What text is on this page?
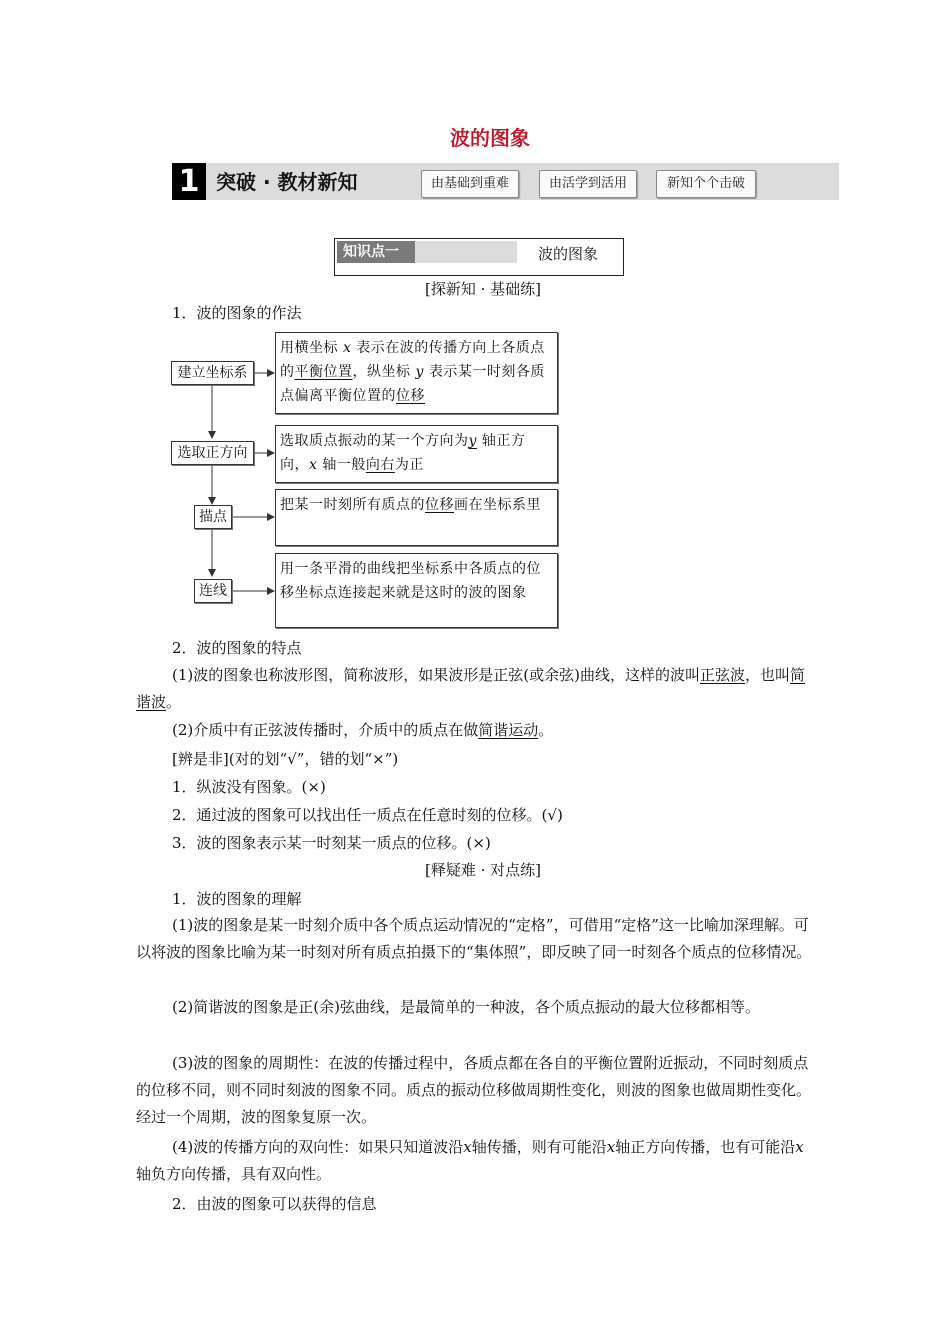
波的图象
1 突破 · 教材新知	由基础到重难	由活学到活用	新知个个击破
知识点一	波的图象
[探新知 · 基础练]
1．波的图象的作法
建立坐标系
选取正方向
描点
连线
用横坐标 x 表示在波的传播方向上各质点的平衡位置，纵坐标 y 表示某一时刻各质点偏离平衡位置的位移
选取质点振动的某一个方向为y 轴正方向，x 轴一般向右为正
把某一时刻所有质点的位移画在坐标系里
用一条平滑的曲线把坐标系中各质点的位移坐标点连接起来就是这时的波的图象
2．波的图象的特点
(1)波的图象也称波形图，简称波形，如果波形是正弦(或余弦)曲线，这样的波叫正弦波，也叫简谐波。
(2)介质中有正弦波传播时，介质中的质点在做简谐运动。
[辨是非](对的划“√”，错的划“×”)
1．纵波没有图象。(×)
2．通过波的图象可以找出任一质点在任意时刻的位移。(√)
3．波的图象表示某一时刻某一质点的位移。(×)
[释疑难 · 对点练]
1．波的图象的理解
(1)波的图象是某一时刻介质中各个质点运动情况的“定格”，可借用“定格”这一比喻加深理解。可以将波的图象比喻为某一时刻对所有质点拍摄下的“集体照”，即反映了同一时刻各个质点的位移情况。
(2)简谐波的图象是正(余)弦曲线，是最简单的一种波，各个质点振动的最大位移都相等。
(3)波的图象的周期性：在波的传播过程中，各质点都在各自的平衡位置附近振动，不同时刻质点的位移不同，则不同时刻波的图象不同。质点的振动位移做周期性变化，则波的图象也做周期性变化。经过一个周期，波的图象复原一次。
(4)波的传播方向的双向性：如果只知道波沿x轴传播，则有可能沿x轴正方向传播，也有可能沿x轴负方向传播，具有双向性。
2．由波的图象可以获得的信息
